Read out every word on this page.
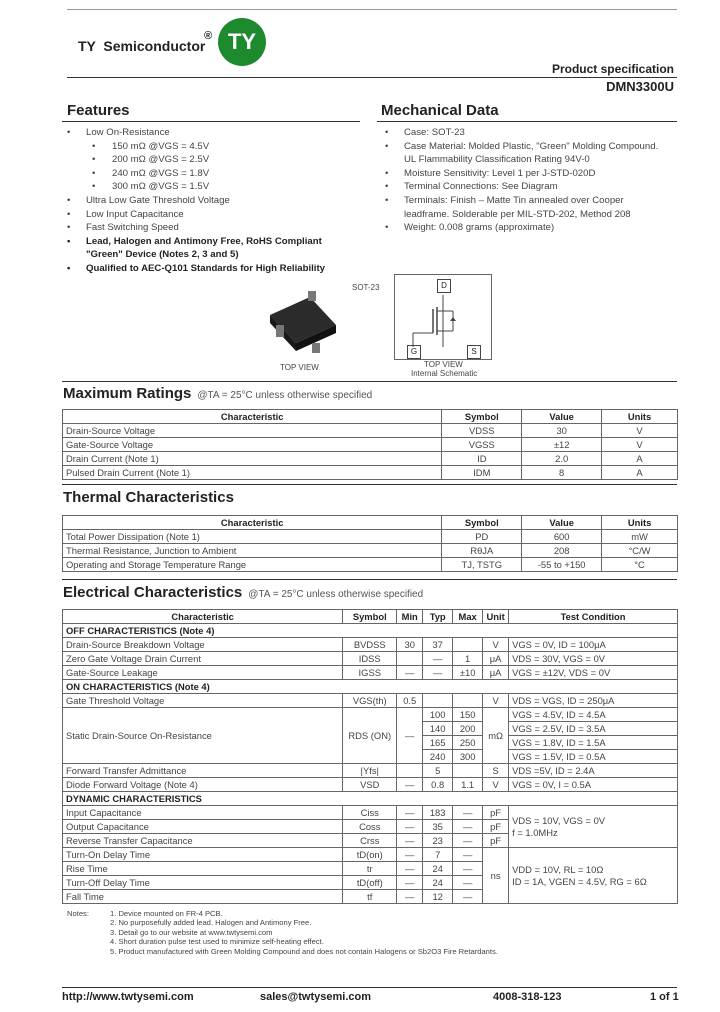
TY  Semiconductor
® TY
Product specification
DMN3300U
Features
• Low On-Resistance
• 150 mΩ @VGS = 4.5V
• 200 mΩ @VGS = 2.5V
• 240 mΩ @VGS = 1.8V
• 300 mΩ @VGS = 1.5V
• Ultra Low Gate Threshold Voltage
• Low Input Capacitance
• Fast Switching Speed
• Lead, Halogen and Antimony Free, RoHS Compliant "Green" Device (Notes 2, 3 and 5)
• Qualified to AEC-Q101 Standards for High Reliability
Mechanical Data
• Case: SOT-23
• Case Material: Molded Plastic, "Green" Molding Compound. UL Flammability Classification Rating 94V-0
• Moisture Sensitivity: Level 1 per J-STD-020D
• Terminal Connections: See Diagram
• Terminals: Finish – Matte Tin annealed over Cooper leadframe. Solderable per MIL-STD-202, Method 208
• Weight: 0.008 grams (approximate)
TOP VIEW
SOT-23	D
G	S
TOP VIEW
Internal Schematic
Maximum Ratings @TA = 25°C unless otherwise specified
Characteristic	Symbol	Value	Units
Drain-Source Voltage	VDSS	30	V
Gate-Source Voltage	VGSS	±12	V
Drain Current (Note 1)	ID	2.0	A
Pulsed Drain Current (Note 1)	IDM	8	A
Thermal Characteristics
Characteristic	Symbol	Value	Units
Total Power Dissipation (Note 1)	PD	600	mW
Thermal Resistance, Junction to Ambient	RθJA	208	°C/W
Operating and Storage Temperature Range	TJ, TSTG	-55 to +150	°C
Electrical Characteristics @TA = 25°C unless otherwise specified
Characteristic	Symbol	Min	Typ	Max	Unit	Test Condition
OFF CHARACTERISTICS (Note 4)						
Drain-Source Breakdown Voltage	BVDSS	30	37		V	VGS = 0V, ID = 100μA
Zero Gate Voltage Drain Current	IDSS		—	1	μA	VDS = 30V, VGS = 0V
Gate-Source Leakage	IGSS	—	—	±10	μA	VGS = ±12V, VDS = 0V
ON CHARACTERISTICS (Note 4)						
Gate Threshold Voltage	VGS(th)	0.5			V	VDS = VGS, ID = 250μA
Static Drain-Source On-Resistance	RDS (ON)	—	100	150	mΩ	VGS = 4.5V, ID = 4.5A
			140	200		VGS = 2.5V, ID = 3.5A
			165	250		VGS = 1.8V, ID = 1.5A
			240	300		VGS = 1.5V, ID = 0.5A
Forward Transfer Admittance	|Yfs|		5		S	VDS =5V, ID = 2.4A
Diode Forward Voltage (Note 4)	VSD	—	0.8	1.1	V	VGS = 0V, I = 0.5A
DYNAMIC CHARACTERISTICS						
Input Capacitance	Ciss	—	183	—	pF	VDS = 10V, VGS = 0V
f = 1.0MHz

Output Capacitance	Coss	—	35	—	pF	
Reverse Transfer Capacitance	Crss	—	23	—	pF	
Turn-On Delay Time	tD(on)	—	7	—	ns	VDD = 10V, RL = 10Ω
ID = 1A, VGEN = 4.5V, RG = 6Ω

Rise Time	tr	—	24	—		
Turn-Off Delay Time	tD(off)	—	24	—		
Fall Time	tf	—	12	—		
Notes:	1. Device mounted on FR-4 PCB.
2. No purposefully added lead. Halogen and Antimony Free.
3. Detail go to our website at www.twtysemi.com
4. Short duration pulse test used to minimize self-heating effect.
5. Product manufactured with Green Molding Compound and does not contain Halogens or Sb2O3 Fire Retardants.
http://www.twtysemi.com	sales@twtysemi.com	4008-318-123	1 of 1
